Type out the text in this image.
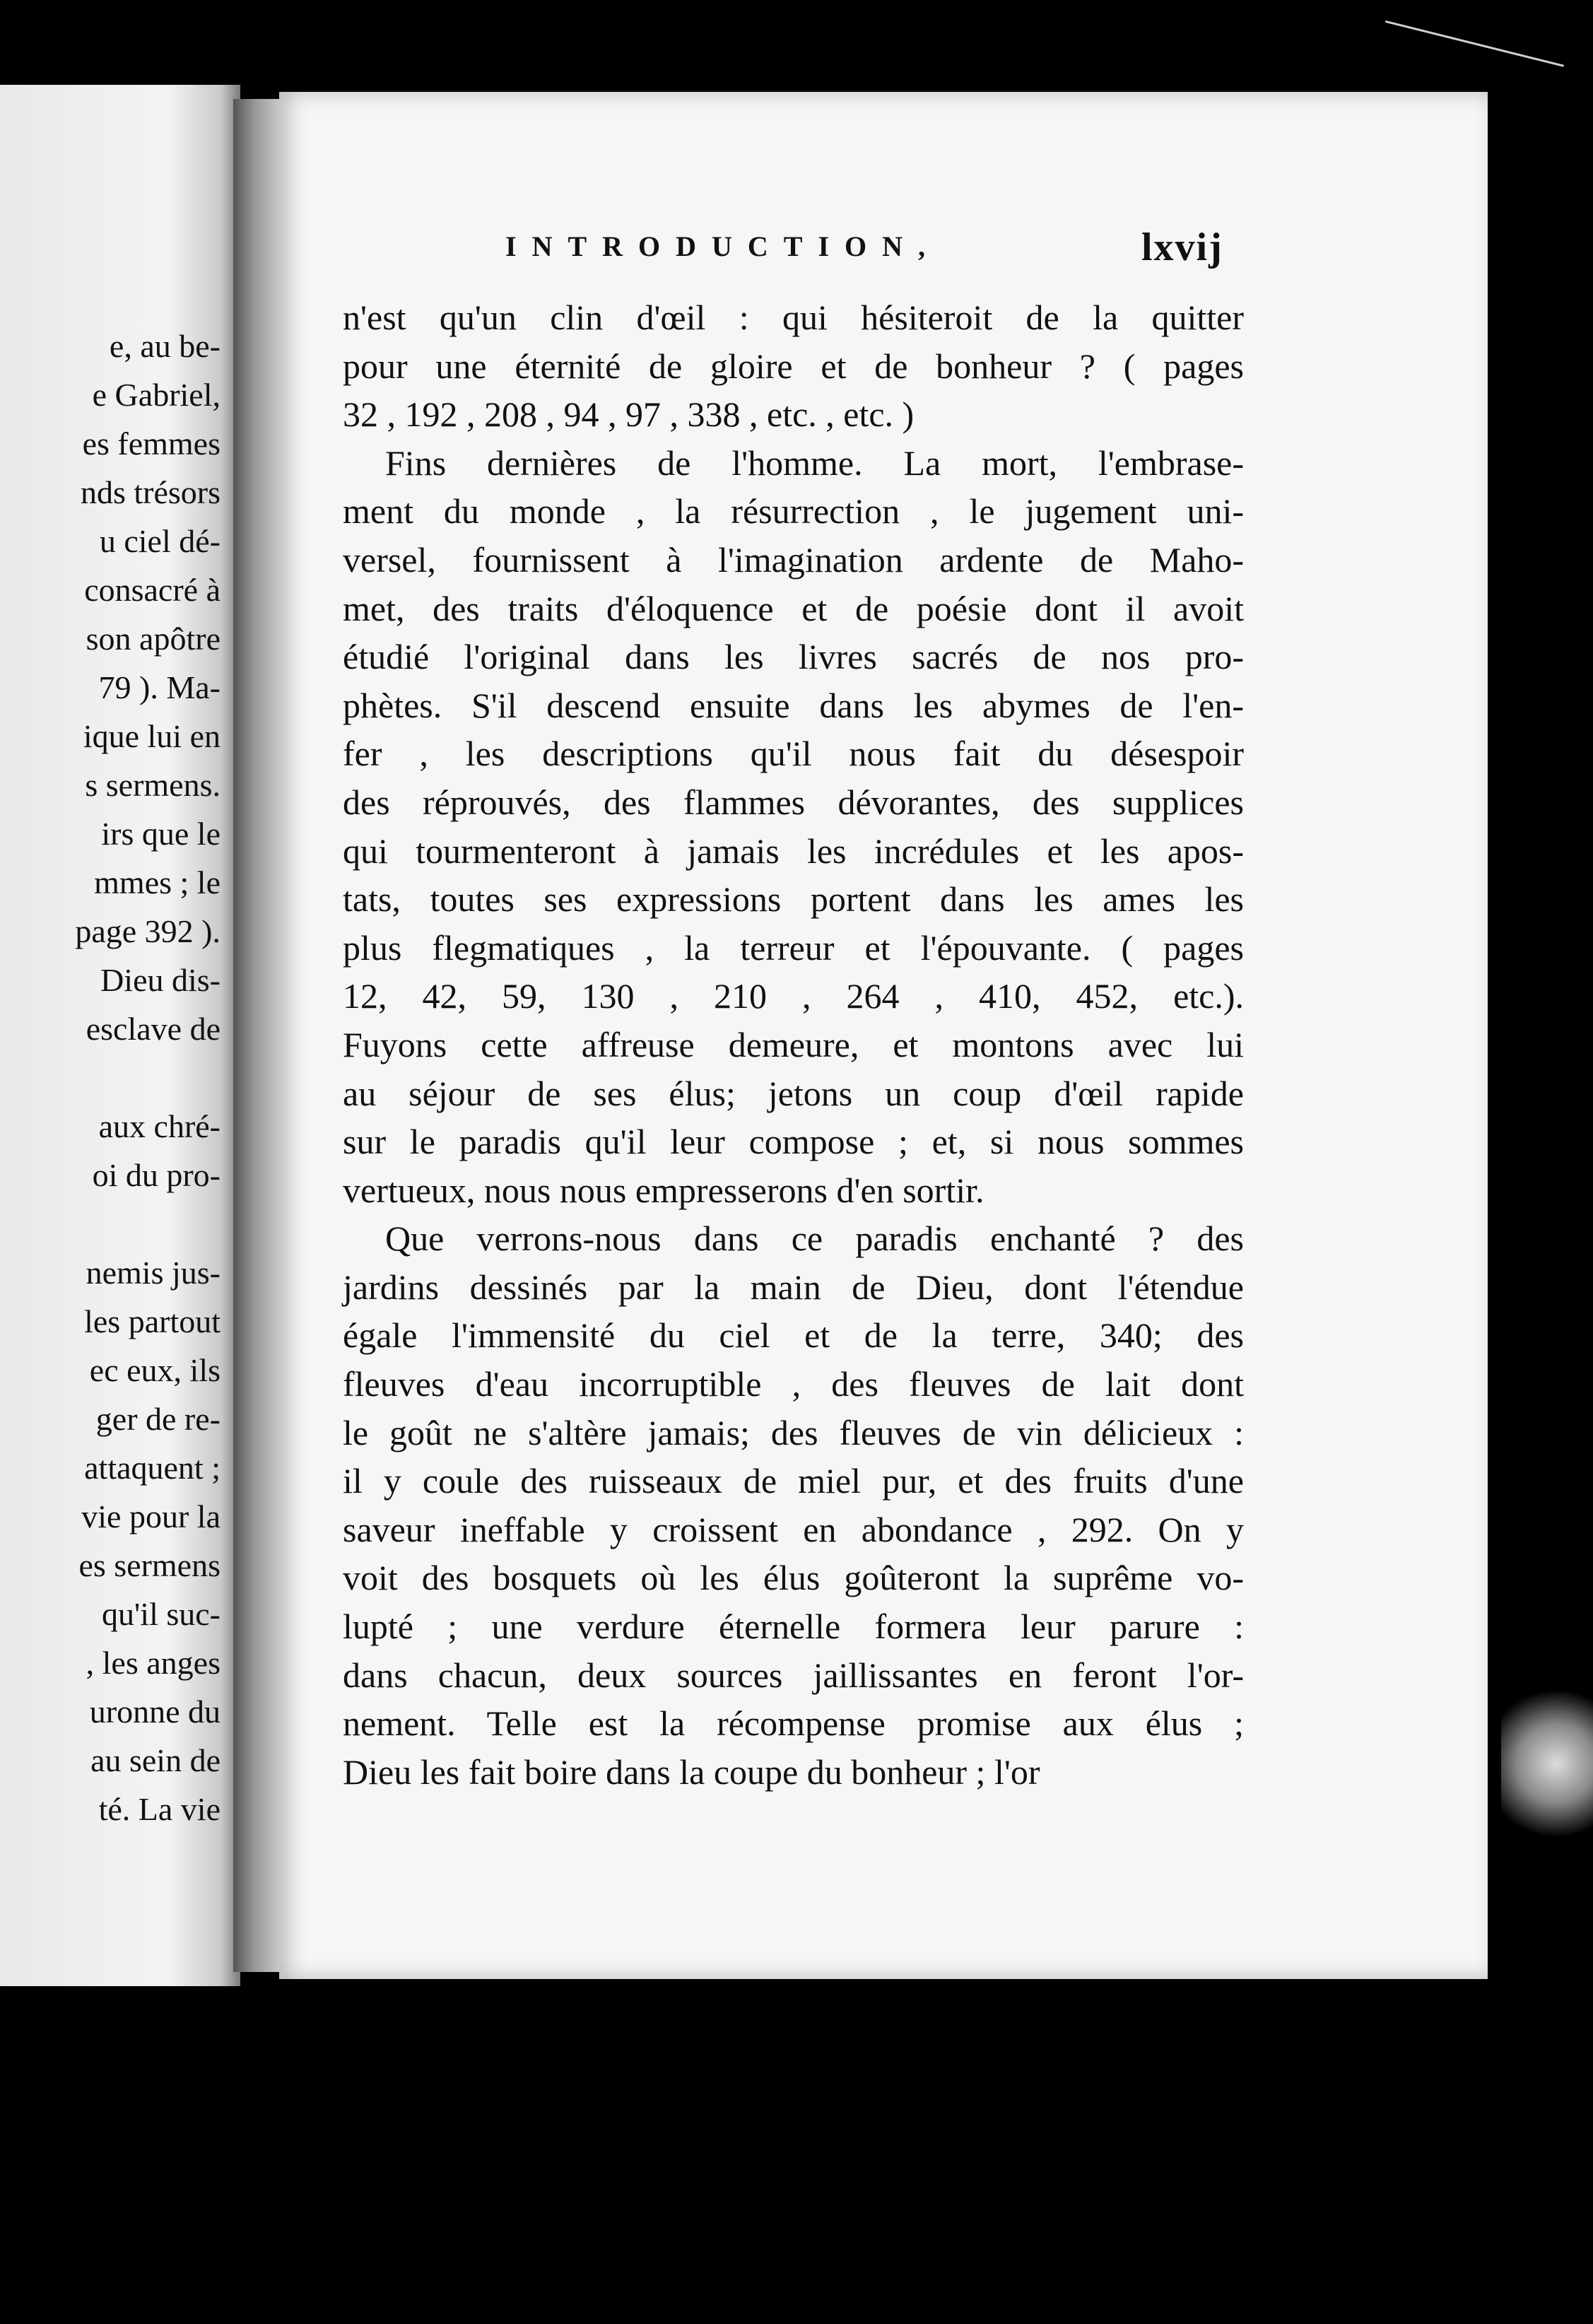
e, au be-
e Gabriel,
es femmes
nds trésors
u ciel dé-
consacré à
son apôtre
79 ). Ma-
ique lui en
s sermens.
irs que le
mmes ; le
page 392 ).
Dieu dis-
esclave de
aux chré-
oi du pro-
nemis jus-
les partout
ec eux, ils
ger de re-
attaquent ;
vie pour la
es sermens
qu'il suc-
, les anges
uronne du
au sein de
té. La vie
INTRODUCTION,	lxvij
n'est qu'un clin d'œil : qui hésiteroit de la quitter
pour une éternité de gloire et de bonheur ? ( pages
32 , 192 , 208 , 94 , 97 , 338 , etc. , etc. )
Fins dernières de l'homme. La mort, l'embrase-
ment du monde , la résurrection , le jugement uni-
versel, fournissent à l'imagination ardente de Maho-
met, des traits d'éloquence et de poésie dont il avoit
étudié l'original dans les livres sacrés de nos pro-
phètes. S'il descend ensuite dans les abymes de l'en-
fer , les descriptions qu'il nous fait du désespoir
des réprouvés, des flammes dévorantes, des supplices
qui tourmenteront à jamais les incrédules et les apos-
tats, toutes ses expressions portent dans les ames les
plus flegmatiques , la terreur et l'épouvante. ( pages
12, 42, 59, 130 , 210 , 264 , 410, 452, etc.).
Fuyons cette affreuse demeure, et montons avec lui
au séjour de ses élus; jetons un coup d'œil rapide
sur le paradis qu'il leur compose ; et, si nous sommes
vertueux, nous nous empresserons d'en sortir.
Que verrons-nous dans ce paradis enchanté ? des
jardins dessinés par la main de Dieu, dont l'étendue
égale l'immensité du ciel et de la terre, 340; des
fleuves d'eau incorruptible , des fleuves de lait dont
le goût ne s'altère jamais; des fleuves de vin délicieux :
il y coule des ruisseaux de miel pur, et des fruits d'une
saveur ineffable y croissent en abondance , 292. On y
voit des bosquets où les élus goûteront la suprême vo-
lupté ; une verdure éternelle formera leur parure :
dans chacun, deux sources jaillissantes en feront l'or-
nement. Telle est la récompense promise aux élus ;
Dieu les fait boire dans la coupe du bonheur ; l'or
